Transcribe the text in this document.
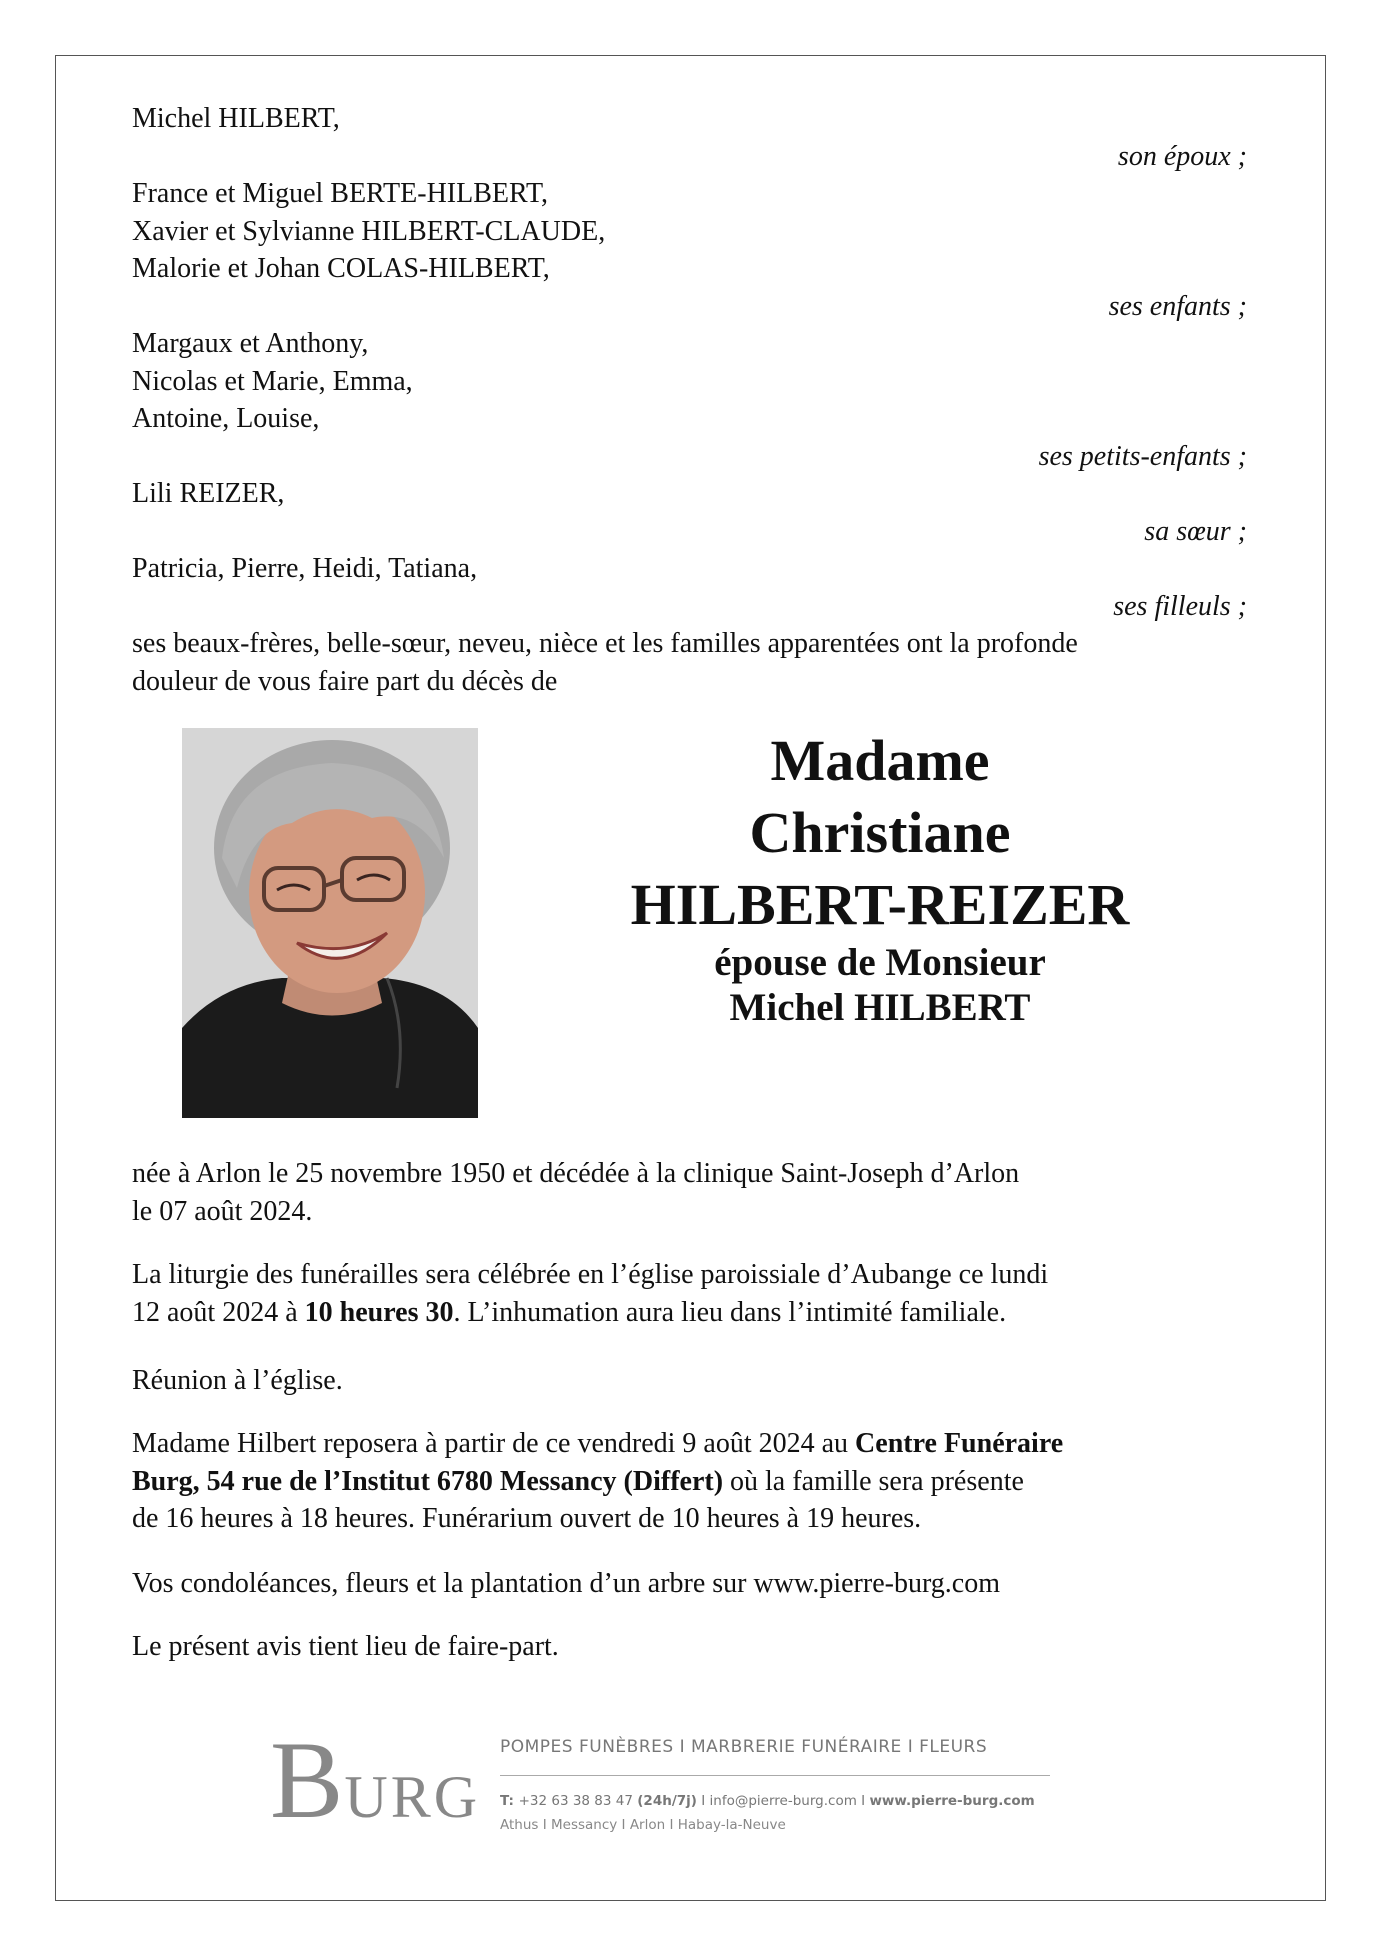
Michel HILBERT,
son époux ;
France et Miguel BERTE-HILBERT,
Xavier et Sylvianne HILBERT-CLAUDE,
Malorie et Johan COLAS-HILBERT,
ses enfants ;
Margaux et Anthony,
Nicolas et Marie, Emma,
Antoine, Louise,
ses petits-enfants ;
Lili REIZER,
sa sœur ;
Patricia, Pierre, Heidi, Tatiana,
ses filleuls ;
ses beaux-frères, belle-sœur, neveu, nièce et les familles apparentées ont la profonde
douleur de vous faire part du décès de
Madame
Christiane
HILBERT-REIZER
épouse de Monsieur
Michel HILBERT
née à Arlon le 25 novembre 1950 et décédée à la clinique Saint-Joseph d’Arlon
le 07 août 2024.
La liturgie des funérailles sera célébrée en l’église paroissiale d’Aubange ce lundi
12 août 2024 à 10 heures 30. L’inhumation aura lieu dans l’intimité familiale.
Réunion à l’église.
Madame Hilbert reposera à partir de ce vendredi 9 août 2024 au Centre Funéraire
Burg, 54 rue de l’Institut 6780 Messancy (Differt) où la famille sera présente
de 16 heures à 18 heures. Funérarium ouvert de 10 heures à 19 heures.
Vos condoléances, fleurs et la plantation d’un arbre sur www.pierre-burg.com
Le présent avis tient lieu de faire-part.
BURG
POMPES FUNÈBRES I MARBRERIE FUNÉRAIRE I FLEURS
T: +32 63 38 83 47 (24h/7j) I info@pierre-burg.com I www.pierre-burg.com
Athus I Messancy I Arlon I Habay-la-Neuve
